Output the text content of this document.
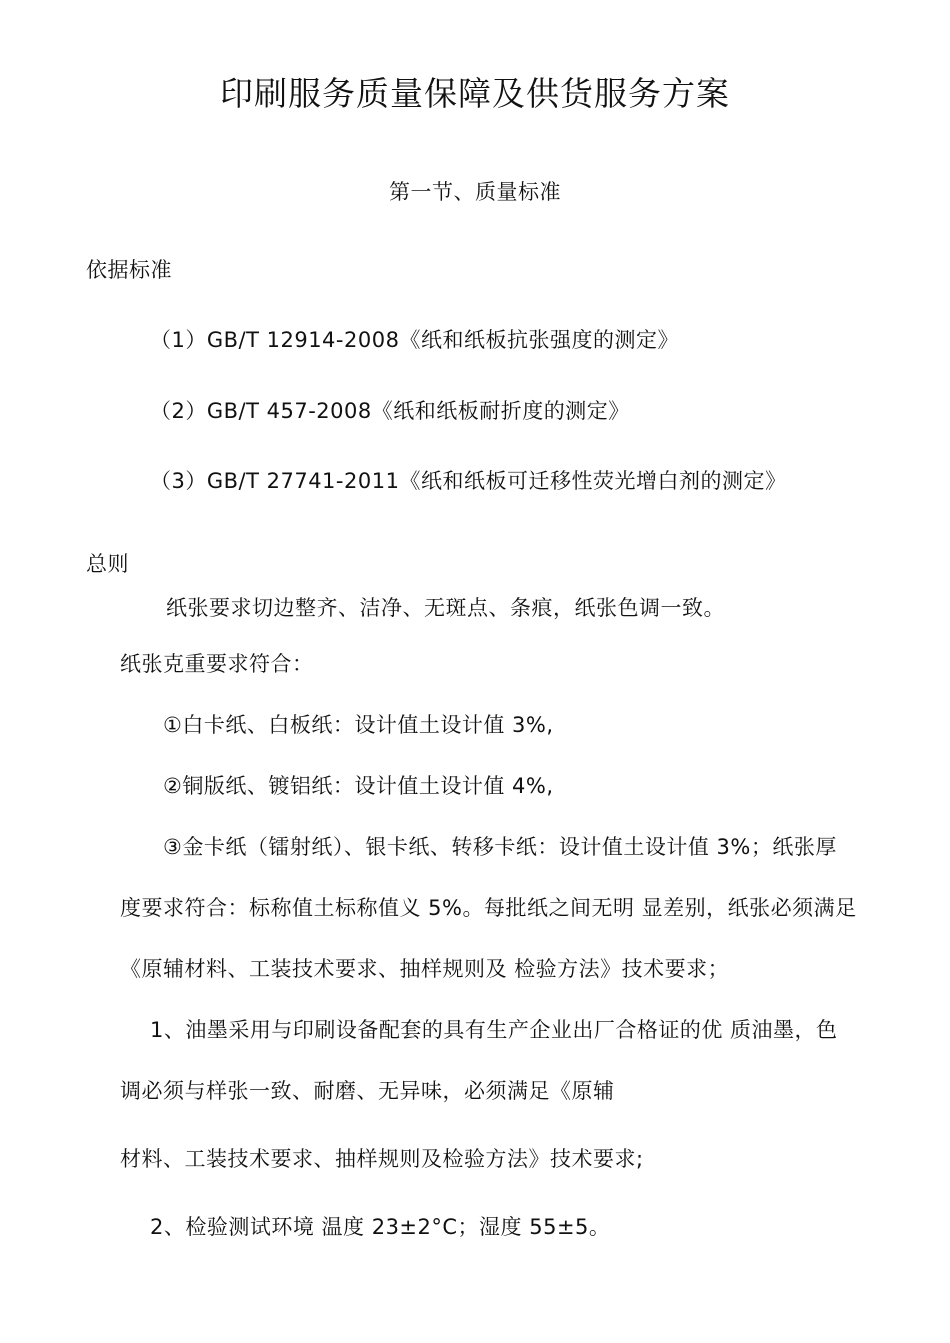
印刷服务质量保障及供货服务方案
第一节、质量标准
依据标准
（1）GB/T 12914-2008《纸和纸板抗张强度的测定》
（2）GB/T 457-2008《纸和纸板耐折度的测定》
（3）GB/T 27741-2011《纸和纸板可迁移性荧光增白剂的测定》
总则
纸张要求切边整齐、洁净、无斑点、条痕，纸张色调一致。
纸张克重要求符合：
①白卡纸、白板纸：设计值土设计值 3%,
②铜版纸、镀铝纸：设计值土设计值 4%,
③金卡纸（镭射纸）、银卡纸、转移卡纸：设计值土设计值 3%；纸张厚
度要求符合：标称值土标称值义 5%。每批纸之间无明 显差别，纸张必须满足
《原辅材料、工装技术要求、抽样规则及 检验方法》技术要求；
1、油墨采用与印刷设备配套的具有生产企业出厂合格证的优 质油墨，色
调必须与样张一致、耐磨、无异味，必须满足《原辅
材料、工装技术要求、抽样规则及检验方法》技术要求;
2、检验测试环境 温度 23±2°C；湿度 55±5。
